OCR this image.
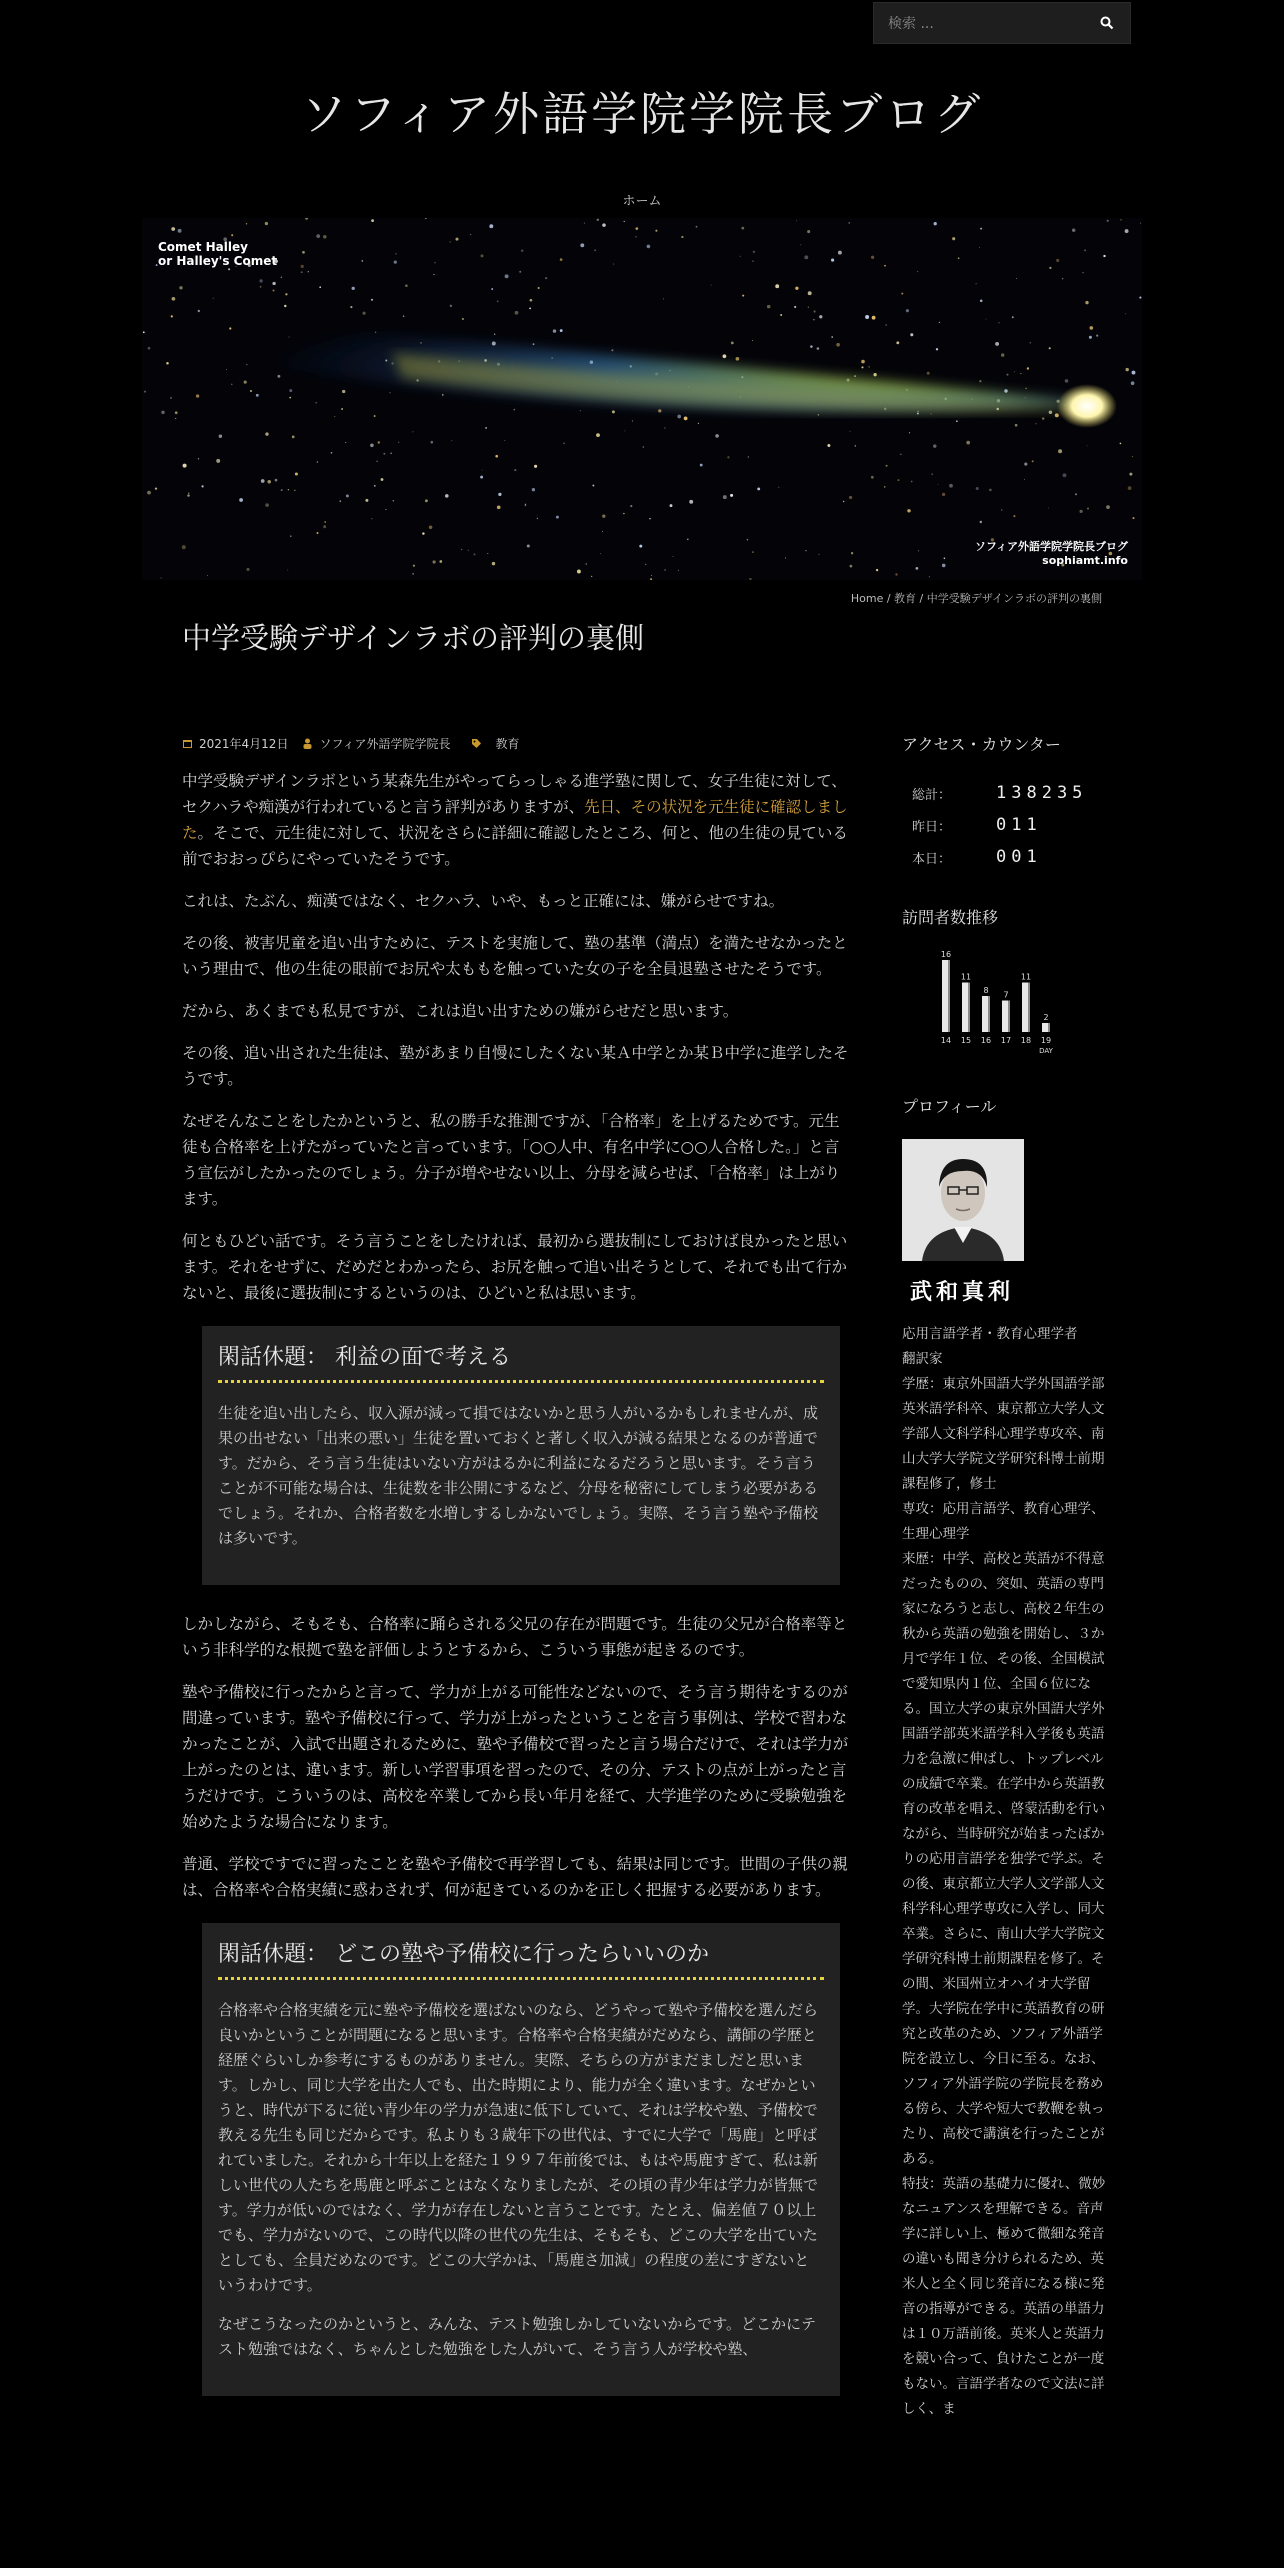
検索 ...
ソフィア外語学院学院長ブログ
ホーム
Comet Halley
or Halley's Comet
ソフィア外語学院学院長ブログ
sophiamt.info
Home / 教育 / 中学受験デザインラボの評判の裏側
中学受験デザインラボの評判の裏側
2021年4月12日	ソフィア外語学院学院長	教育

中学受験デザインラボという某森先生がやってらっしゃる進学塾に関して、女子生徒に対して、セクハラや痴漢が行われていると言う評判がありますが、先日、その状況を元生徒に確認しました。そこで、元生徒に対して、状況をさらに詳細に確認したところ、何と、他の生徒の見ている前でおおっぴらにやっていたそうです。

これは、たぶん、痴漢ではなく、セクハラ、いや、もっと正確には、嫌がらせですね。

その後、被害児童を追い出すために、テストを実施して、塾の基準（満点）を満たせなかったという理由で、他の生徒の眼前でお尻や太ももを触っていた女の子を全員退塾させたそうです。

だから、あくまでも私見ですが、これは追い出すための嫌がらせだと思います。

その後、追い出された生徒は、塾があまり自慢にしたくない某Ａ中学とか某Ｂ中学に進学したそうです。

なぜそんなことをしたかというと、私の勝手な推測ですが、「合格率」を上げるためです。元生徒も合格率を上げたがっていたと言っています。「○○人中、有名中学に○○人合格した。」と言う宣伝がしたかったのでしょう。分子が増やせない以上、分母を減らせば、「合格率」は上がります。

何ともひどい話です。そう言うことをしたければ、最初から選抜制にしておけば良かったと思います。それをせずに、だめだとわかったら、お尻を触って追い出そうとして、それでも出て行かないと、最後に選抜制にするというのは、ひどいと私は思います。

閑話休題： 利益の面で考える

生徒を追い出したら、収入源が減って損ではないかと思う人がいるかもしれませんが、成果の出せない「出来の悪い」生徒を置いておくと著しく収入が減る結果となるのが普通です。だから、そう言う生徒はいない方がはるかに利益になるだろうと思います。そう言うことが不可能な場合は、生徒数を非公開にするなど、分母を秘密にしてしまう必要があるでしょう。それか、合格者数を水増しするしかないでしょう。実際、そう言う塾や予備校は多いです。

しかしながら、そもそも、合格率に踊らされる父兄の存在が問題です。生徒の父兄が合格率等という非科学的な根拠で塾を評価しようとするから、こういう事態が起きるのです。

塾や予備校に行ったからと言って、学力が上がる可能性などないので、そう言う期待をするのが間違っています。塾や予備校に行って、学力が上がったということを言う事例は、学校で習わなかったことが、入試で出題されるために、塾や予備校で習ったと言う場合だけで、それは学力が上がったのとは、違います。新しい学習事項を習ったので、その分、テストの点が上がったと言うだけです。こういうのは、高校を卒業してから長い年月を経て、大学進学のために受験勉強を始めたような場合になります。

普通、学校ですでに習ったことを塾や予備校で再学習しても、結果は同じです。世間の子供の親は、合格率や合格実績に惑わされず、何が起きているのかを正しく把握する必要があります。

閑話休題： どこの塾や予備校に行ったらいいのか

合格率や合格実績を元に塾や予備校を選ばないのなら、どうやって塾や予備校を選んだら良いかということが問題になると思います。合格率や合格実績がだめなら、講師の学歴と経歴ぐらいしか参考にするものがありません。実際、そちらの方がまだましだと思います。しかし、同じ大学を出た人でも、出た時期により、能力が全く違います。なぜかというと、時代が下るに従い青少年の学力が急速に低下していて、それは学校や塾、予備校で教える先生も同じだからです。私よりも３歳年下の世代は、すでに大学で「馬鹿」と呼ばれていました。それから十年以上を経た１９９７年前後では、もはや馬鹿すぎて、私は新しい世代の人たちを馬鹿と呼ぶことはなくなりましたが、その頃の青少年は学力が皆無です。学力が低いのではなく、学力が存在しないと言うことです。たとえ、偏差値７０以上でも、学力がないので、この時代以降の世代の先生は、そもそも、どこの大学を出ていたとしても、全員だめなのです。どこの大学かは、「馬鹿さ加減」の程度の差にすぎないというわけです。

なぜこうなったのかというと、みんな、テスト勉強しかしていないからです。どこかにテスト勉強ではなく、ちゃんとした勉強をした人がいて、そう言う人が学校や塾、

アクセス・カウンター
総計：	138235
昨日：	011
本日：	001
訪問者数推移
16
14
11
15
8
16
7
17
11
18
2
19
DAY
プロフィール
武和真利

応用言語学者・教育心理学者

翻訳家

学歴：東京外国語大学外国語学部英米語学科卒、東京都立大学人文学部人文科学科心理学専攻卒、南山大学大学院文学研究科博士前期課程修了，修士

専攻：応用言語学、教育心理学、生理心理学

来歴：中学、高校と英語が不得意だったものの、突如、英語の専門家になろうと志し、高校２年生の秋から英語の勉強を開始し、３か月で学年１位、その後、全国模試で愛知県内１位、全国６位になる。国立大学の東京外国語大学外国語学部英米語学科入学後も英語力を急激に伸ばし、トップレベルの成績で卒業。在学中から英語教育の改革を唱え、啓蒙活動を行いながら、当時研究が始まったばかりの応用言語学を独学で学ぶ。その後、東京都立大学人文学部人文科学科心理学専攻に入学し、同大卒業。さらに、南山大学大学院文学研究科博士前期課程を修了。その間、米国州立オハイオ大学留学。大学院在学中に英語教育の研究と改革のため、ソフィア外語学院を設立し、今日に至る。なお、ソフィア外語学院の学院長を務める傍ら、大学や短大で教鞭を執ったり、高校で講演を行ったことがある。

特技：英語の基礎力に優れ、微妙なニュアンスを理解できる。音声学に詳しい上、極めて微細な発音の違いも聞き分けられるため、英米人と全く同じ発音になる様に発音の指導ができる。英語の単語力は１０万語前後。英米人と英語力を競い合って、負けたことが一度もない。言語学者なので文法に詳しく、ま
